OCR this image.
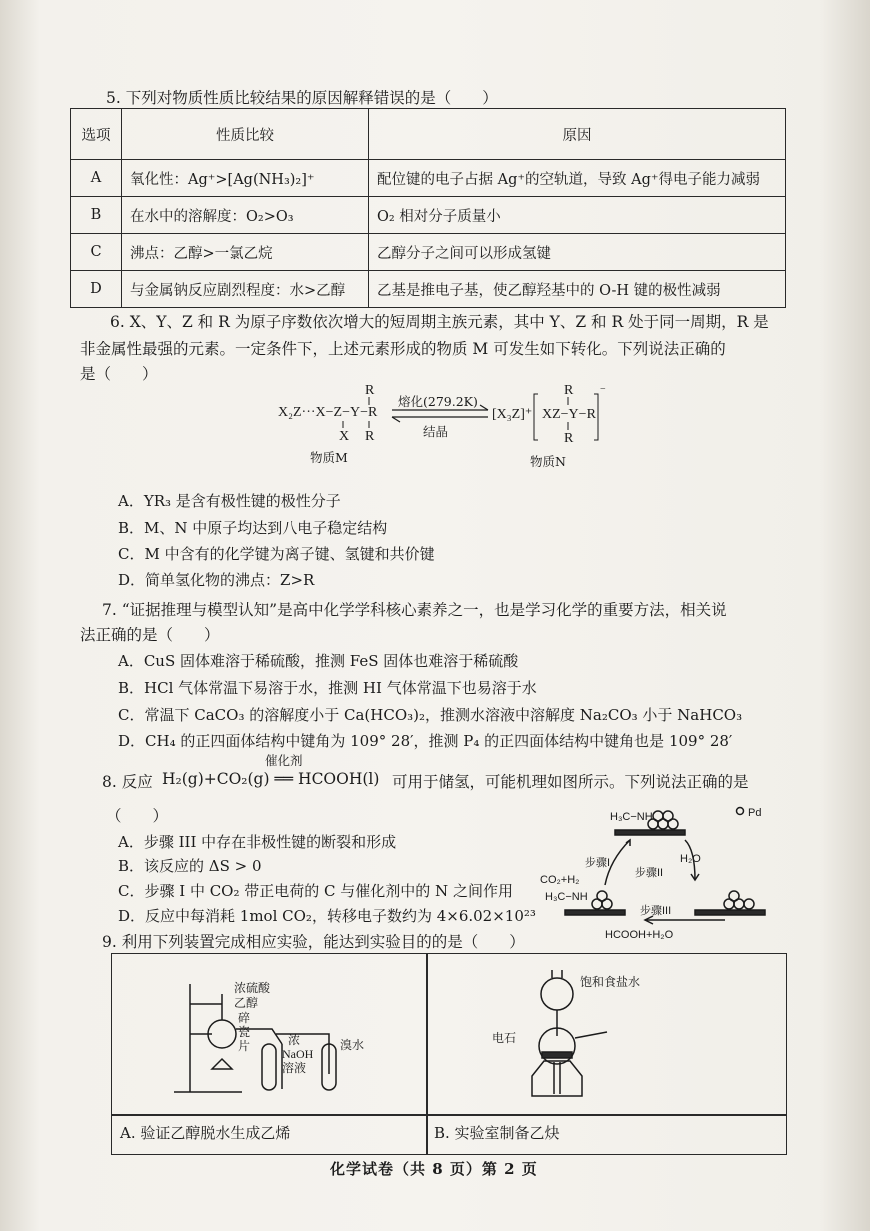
5. 下列对物质性质比较结果的原因解释错误的是（　　）
选项	性质比较	原因
A	氧化性：Ag⁺>[Ag(NH₃)₂]⁺	配位键的电子占据 Ag⁺的空轨道，导致 Ag⁺得电子能力减弱
B	在水中的溶解度：O₂>O₃	O₂ 相对分子质量小
C	沸点：乙醇>一氯乙烷	乙醇分子之间可以形成氢键
D	与金属钠反应剧烈程度：水>乙醇	乙基是推电子基，使乙醇羟基中的 O-H 键的极性减弱
6. X、Y、Z 和 R 为原子序数依次增大的短周期主族元素，其中 Y、Z 和 R 处于同一周期，R 是
非金属性最强的元素。一定条件下，上述元素形成的物质 M 可发生如下转化。下列说法正确的
是（　　）
X₂Z···X−Z−Y−R
R
R
X
[X₃Z]⁺ XZ−Y−R
R
R
−
熔化(279.2K)
结晶
物质M	物质N
A．YR₃ 是含有极性键的极性分子
B．M、N 中原子均达到八电子稳定结构
C．M 中含有的化学键为离子键、氢键和共价键
D．简单氢化物的沸点：Z>R
7. “证据推理与模型认知”是高中化学学科核心素养之一，也是学习化学的重要方法，相关说
法正确的是（　　）
A．CuS 固体难溶于稀硫酸，推测 FeS 固体也难溶于稀硫酸
B．HCl 气体常温下易溶于水，推测 HI 气体常温下也易溶于水
C．常温下 CaCO₃ 的溶解度小于 Ca(HCO₃)₂，推测水溶液中溶解度 Na₂CO₃ 小于 NaHCO₃
D．CH₄ 的正四面体结构中键角为 109° 28′，推测 P₄ 的正四面体结构中键角也是 109° 28′
8. 反应 H₂(g)+CO₂(g) ══ HCOOH(l)
催化剂
可用于储氢，可能机理如图所示。下列说法正确的是
（　　）
A．步骤 III 中存在非极性键的断裂和形成
B．该反应的 ΔS > 0
C．步骤 I 中 CO₂ 带正电荷的 C 与催化剂中的 N 之间作用
D．反应中每消耗 1mol CO₂，转移电子数约为 4×6.02×10²³
H₃C−NH
H₃C−NH
Pd
步骤I
步骤II
步骤III
CO₂+H₂
H₂O
HCOOH+H₂O
9. 利用下列装置完成相应实验，能达到实验目的的是（　　）
浓硫酸
乙醇
碎
瓷
片	浓
NaOH
溶液
溴水
饱和食盐水
电石
A. 验证乙醇脱水生成乙烯	B. 实验室制备乙炔
化学试卷（共 8 页）第 2 页
